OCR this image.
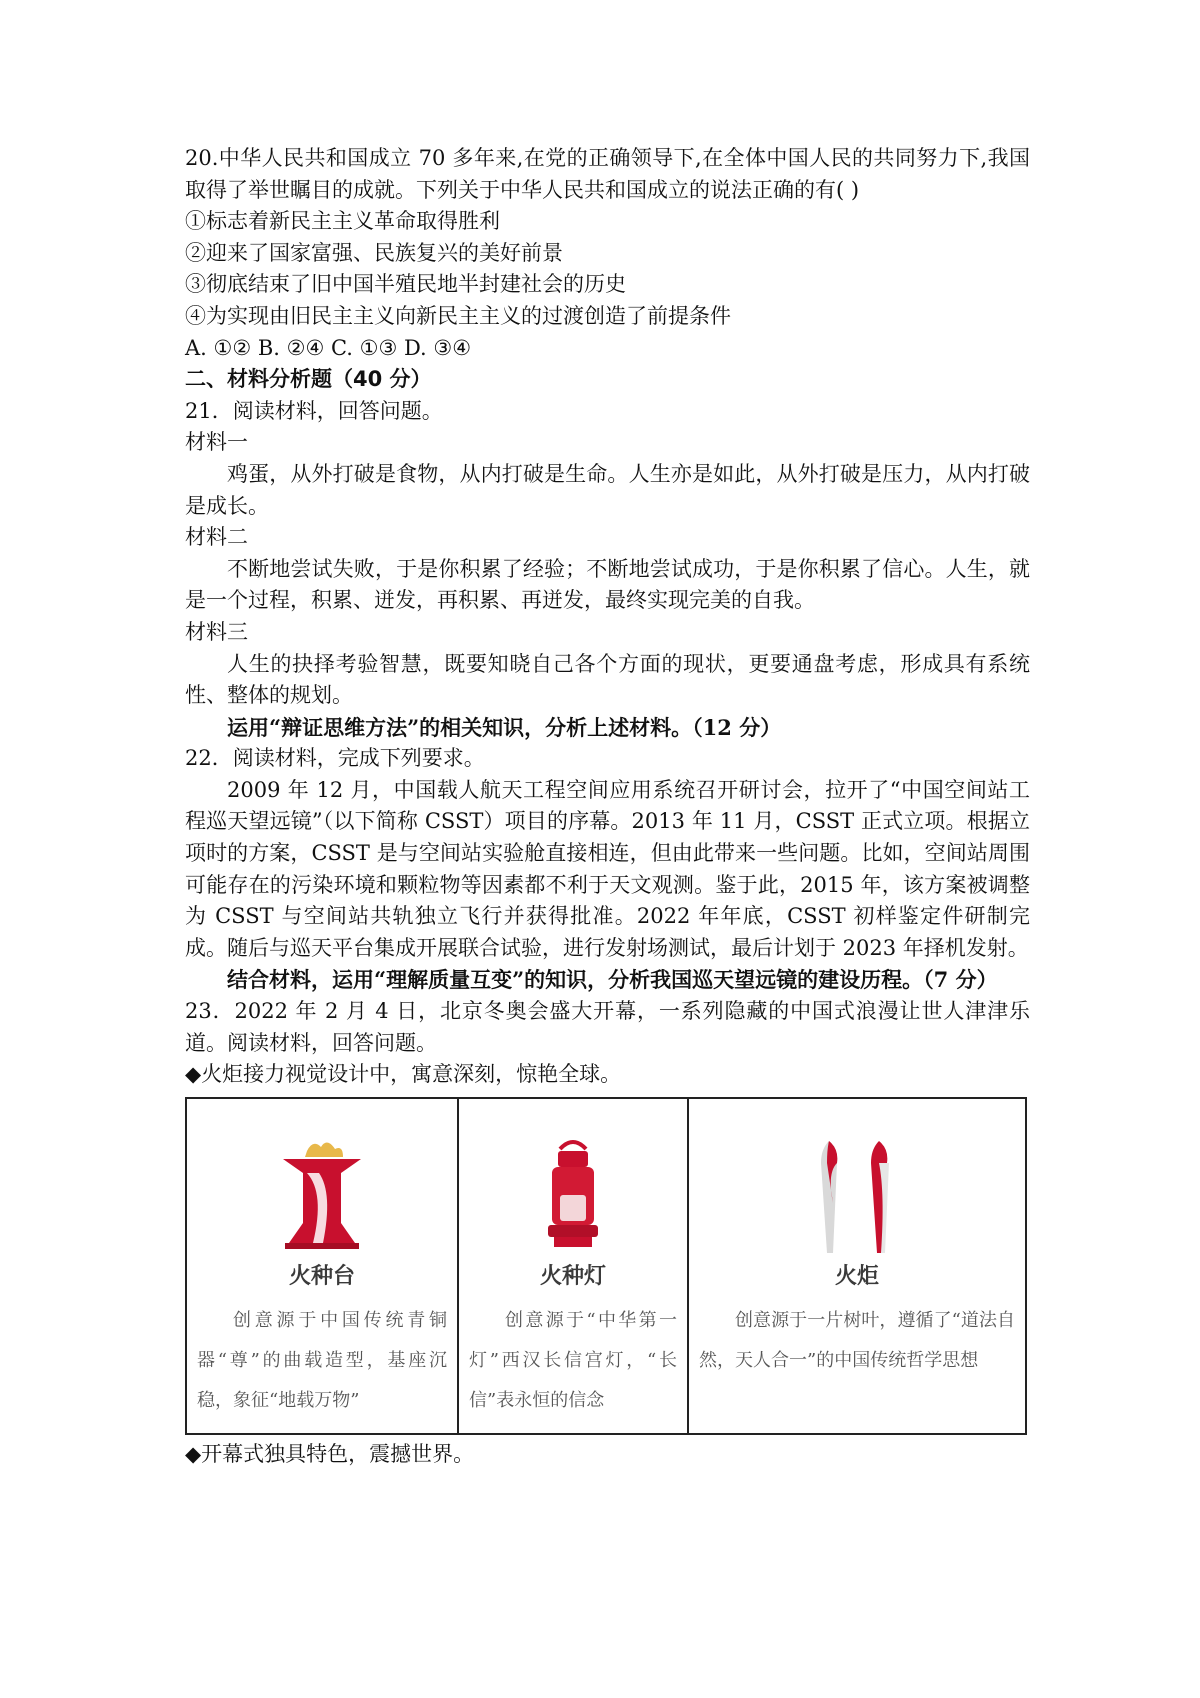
20.中华人民共和国成立 70 多年来,在党的正确领导下,在全体中国人民的共同努力下,我国取得了举世瞩目的成就。下列关于中华人民共和国成立的说法正确的有( )

①标志着新民主主义革命取得胜利

②迎来了国家富强、民族复兴的美好前景

③彻底结束了旧中国半殖民地半封建社会的历史

④为实现由旧民主主义向新民主主义的过渡创造了前提条件

A. ①② B. ②④ C. ①③ D. ③④

二、材料分析题（40 分）

21．阅读材料，回答问题。

材料一

鸡蛋，从外打破是食物，从内打破是生命。人生亦是如此，从外打破是压力，从内打破是成长。

材料二

不断地尝试失败，于是你积累了经验；不断地尝试成功，于是你积累了信心。人生，就是一个过程，积累、迸发，再积累、再迸发，最终实现完美的自我。

材料三

人生的抉择考验智慧，既要知晓自己各个方面的现状，更要通盘考虑，形成具有系统性、整体的规划。

运用“辩证思维方法”的相关知识，分析上述材料。（12 分）

22．阅读材料，完成下列要求。

2009 年 12 月，中国载人航天工程空间应用系统召开研讨会，拉开了“中国空间站工程巡天望远镜”（以下简称 CSST）项目的序幕。2013 年 11 月，CSST 正式立项。根据立项时的方案，CSST 是与空间站实验舱直接相连，但由此带来一些问题。比如，空间站周围可能存在的污染环境和颗粒物等因素都不利于天文观测。鉴于此，2015 年，该方案被调整为 CSST 与空间站共轨独立飞行并获得批准。2022 年年底，CSST 初样鉴定件研制完成。随后与巡天平台集成开展联合试验，进行发射场测试，最后计划于 2023 年择机发射。

结合材料，运用“理解质量互变”的知识，分析我国巡天望远镜的建设历程。（7 分）

23．2022 年 2 月 4 日，北京冬奥会盛大开幕，一系列隐藏的中国式浪漫让世人津津乐道。阅读材料，回答问题。

◆火炬接力视觉设计中，寓意深刻，惊艳全球。

火种台
创意源于中国传统青铜器“尊”的曲载造型，基座沉稳，象征“地载万物”

火种灯
创意源于“中华第一灯”西汉长信宫灯，“长信”表永恒的信念

火炬
创意源于一片树叶，遵循了“道法自然，天人合一”的中国传统哲学思想

◆开幕式独具特色，震撼世界。
